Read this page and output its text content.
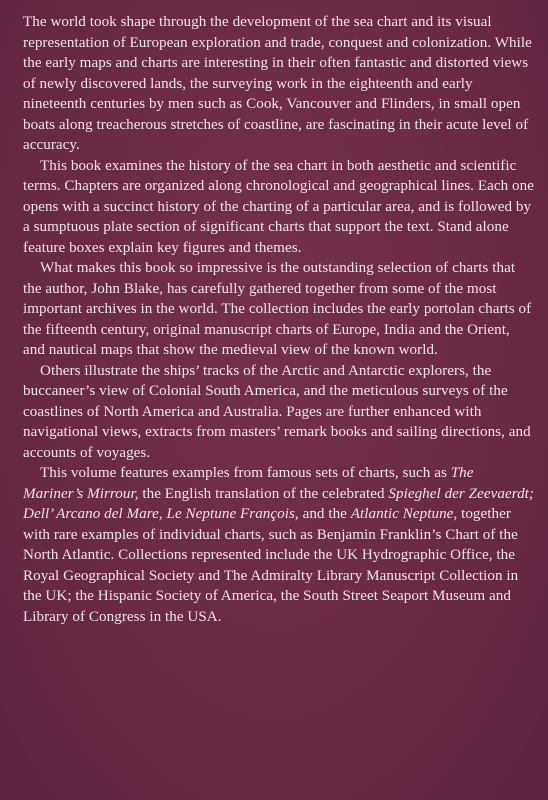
The world took shape through the development of the sea chart and its visual representation of European exploration and trade, conquest and colonization. While the early maps and charts are interesting in their often fantastic and distorted views of newly discovered lands, the surveying work in the eighteenth and early nineteenth centuries by men such as Cook, Vancouver and Flinders, in small open boats along treacherous stretches of coastline, are fascinating in their acute level of accuracy.

This book examines the history of the sea chart in both aesthetic and scientific terms. Chapters are organized along chronological and geographical lines. Each one opens with a succinct history of the charting of a particular area, and is followed by a sumptuous plate section of significant charts that support the text. Stand alone feature boxes explain key figures and themes.

What makes this book so impressive is the outstanding selection of charts that the author, John Blake, has carefully gathered together from some of the most important archives in the world. The collection includes the early portolan charts of the fifteenth century, original manuscript charts of Europe, India and the Orient, and nautical maps that show the medieval view of the known world.

Others illustrate the ships’ tracks of the Arctic and Antarctic explorers, the buccaneer’s view of Colonial South America, and the meticulous surveys of the coastlines of North America and Australia. Pages are further enhanced with navigational views, extracts from masters’ remark books and sailing directions, and accounts of voyages.

This volume features examples from famous sets of charts, such as The Mariner’s Mirrour, the English translation of the celebrated Spieghel der Zeevaerdt; Dell’ Arcano del Mare, Le Neptune François, and the Atlantic Neptune, together with rare examples of individual charts, such as Benjamin Franklin’s Chart of the North Atlantic. Collections represented include the UK Hydrographic Office, the Royal Geographical Society and The Admiralty Library Manuscript Collection in the UK; the Hispanic Society of America, the South Street Seaport Museum and Library of Congress in the USA.
